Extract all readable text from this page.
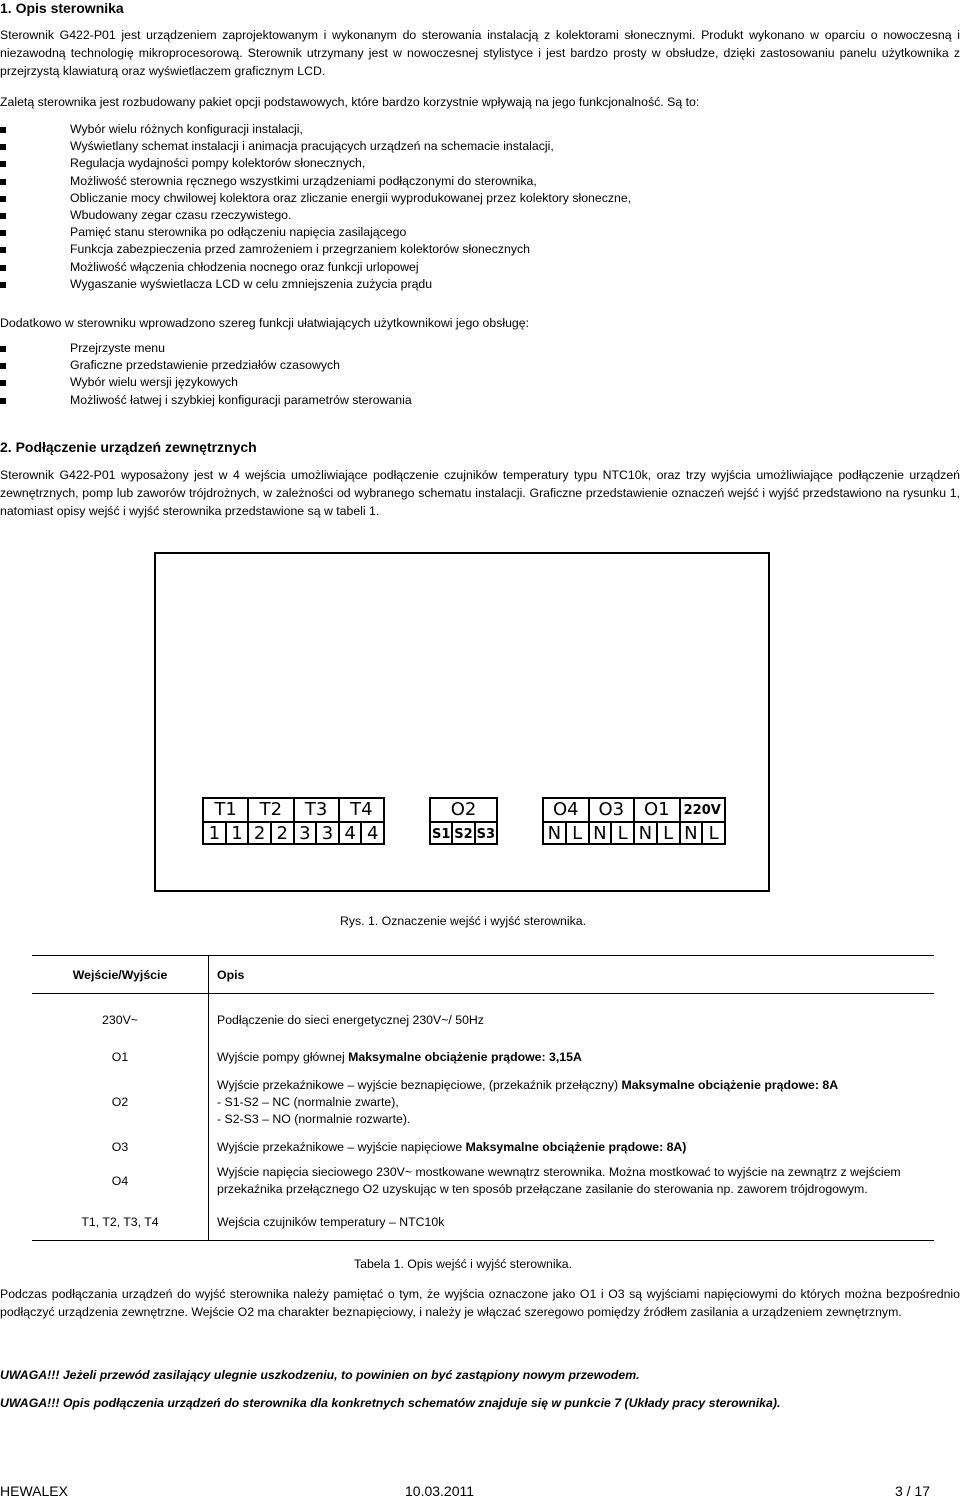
1. Opis sterownika
Sterownik G422-P01 jest urządzeniem zaprojektowanym i wykonanym do sterowania instalacją z kolektorami słonecznymi. Produkt wykonano w oparciu o nowoczesną i niezawodną technologię mikroprocesorową. Sterownik utrzymany jest w nowoczesnej stylistyce i jest bardzo prosty w obsłudze, dzięki zastosowaniu panelu użytkownika z przejrzystą klawiaturą oraz wyświetlaczem graficznym LCD.
Zaletą sterownika jest rozbudowany pakiet opcji podstawowych, które bardzo korzystnie wpływają na jego funkcjonalność. Są to:
Wybór wielu różnych konfiguracji instalacji,
Wyświetlany schemat instalacji i animacja pracujących urządzeń na schemacie instalacji,
Regulacja wydajności pompy kolektorów słonecznych,
Możliwość sterownia ręcznego wszystkimi urządzeniami podłączonymi do sterownika,
Obliczanie mocy chwilowej kolektora oraz zliczanie energii wyprodukowanej przez kolektory słoneczne,
Wbudowany zegar czasu rzeczywistego.
Pamięć stanu sterownika po odłączeniu napięcia zasilającego
Funkcja zabezpieczenia przed zamrożeniem i przegrzaniem kolektorów słonecznych
Możliwość włączenia chłodzenia nocnego oraz funkcji urlopowej
Wygaszanie wyświetlacza LCD w celu zmniejszenia zużycia prądu
Dodatkowo w sterowniku wprowadzono szereg funkcji ułatwiających użytkownikowi jego obsługę:
Przejrzyste menu
Graficzne przedstawienie przedziałów czasowych
Wybór wielu wersji językowych
Możliwość łatwej i szybkiej konfiguracji parametrów sterowania
2. Podłączenie urządzeń zewnętrznych
Sterownik G422-P01 wyposażony jest w 4 wejścia umożliwiające podłączenie czujników temperatury typu NTC10k, oraz trzy wyjścia umożliwiające podłączenie urządzeń zewnętrznych, pomp lub zaworów trójdrożnych, w zależności od wybranego schematu instalacji. Graficzne przedstawienie oznaczeń wejść i wyjść przedstawiono na rysunku 1, natomiast opisy wejść i wyjść sterownika przedstawione są w tabeli 1.
T1	T2	T3	T4
1 1 2 2 3 3 4 4
O2
S1 S2 S3
O4	O3	O1	220V
N L N L N L N L
Rys. 1. Oznaczenie wejść i wyjść sterownika.
Wejście/Wyjście	Opis
230V~	Podłączenie do sieci energetycznej 230V~/ 50Hz
O1	Wyjście pompy głównej Maksymalne obciążenie prądowe: 3,15A
O2	Wyjście przekaźnikowe – wyjście beznapięciowe, (przekaźnik przełączny) Maksymalne obciążenie prądowe: 8A
- S1-S2 – NC (normalnie zwarte),
- S2-S3 – NO (normalnie rozwarte).
O3	Wyjście przekaźnikowe – wyjście napięciowe Maksymalne obciążenie prądowe: 8A)
O4	Wyjście napięcia sieciowego 230V~ mostkowane wewnątrz sterownika. Można mostkować to wyjście na zewnątrz z wejściem przekaźnika przełącznego O2 uzyskując w ten sposób przełączane zasilanie do sterowania np. zaworem trójdrogowym.
T1, T2, T3, T4	Wejścia czujników temperatury – NTC10k
Tabela 1. Opis wejść i wyjść sterownika.
Podczas podłączania urządzeń do wyjść sterownika należy pamiętać o tym, że wyjścia oznaczone jako O1 i O3 są wyjściami napięciowymi do których można bezpośrednio podłączyć urządzenia zewnętrzne. Wejście O2 ma charakter beznapięciowy, i należy je włączać szeregowo pomiędzy źródłem zasilania a urządzeniem zewnętrznym.
UWAGA!!! Jeżeli przewód zasilający ulegnie uszkodzeniu, to powinien on być zastąpiony nowym przewodem.
UWAGA!!! Opis podłączenia urządzeń do sterownika dla konkretnych schematów znajduje się w punkcie 7 (Układy pracy sterownika).
HEWALEX	10.03.2011	3 / 17
